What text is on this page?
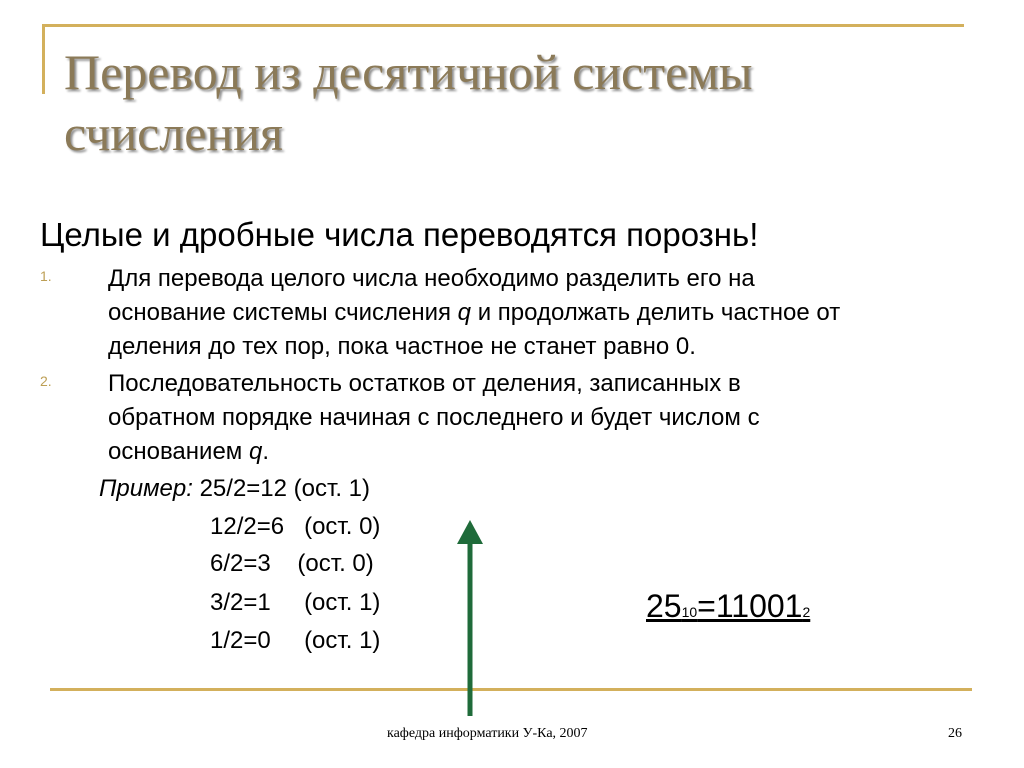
Перевод из десятичной системы
счисления
Целые и дробные числа переводятся порознь!
1. Для перевода целого числа необходимо разделить его на
основание системы счисления q и продолжать делить частное от
деления до тех пор, пока частное не станет равно 0.
2. Последовательность остатков от деления, записанных в
обратном порядке начиная с последнего и будет числом с
основанием q.
Пример: 25/2=12 (ост. 1)
12/2=6   (ост. 0)
6/2=3    (ост. 0)
3/2=1     (ост. 1)
1/2=0     (ост. 1)
2510=110012
кафедра информатики У-Ка, 2007	26
